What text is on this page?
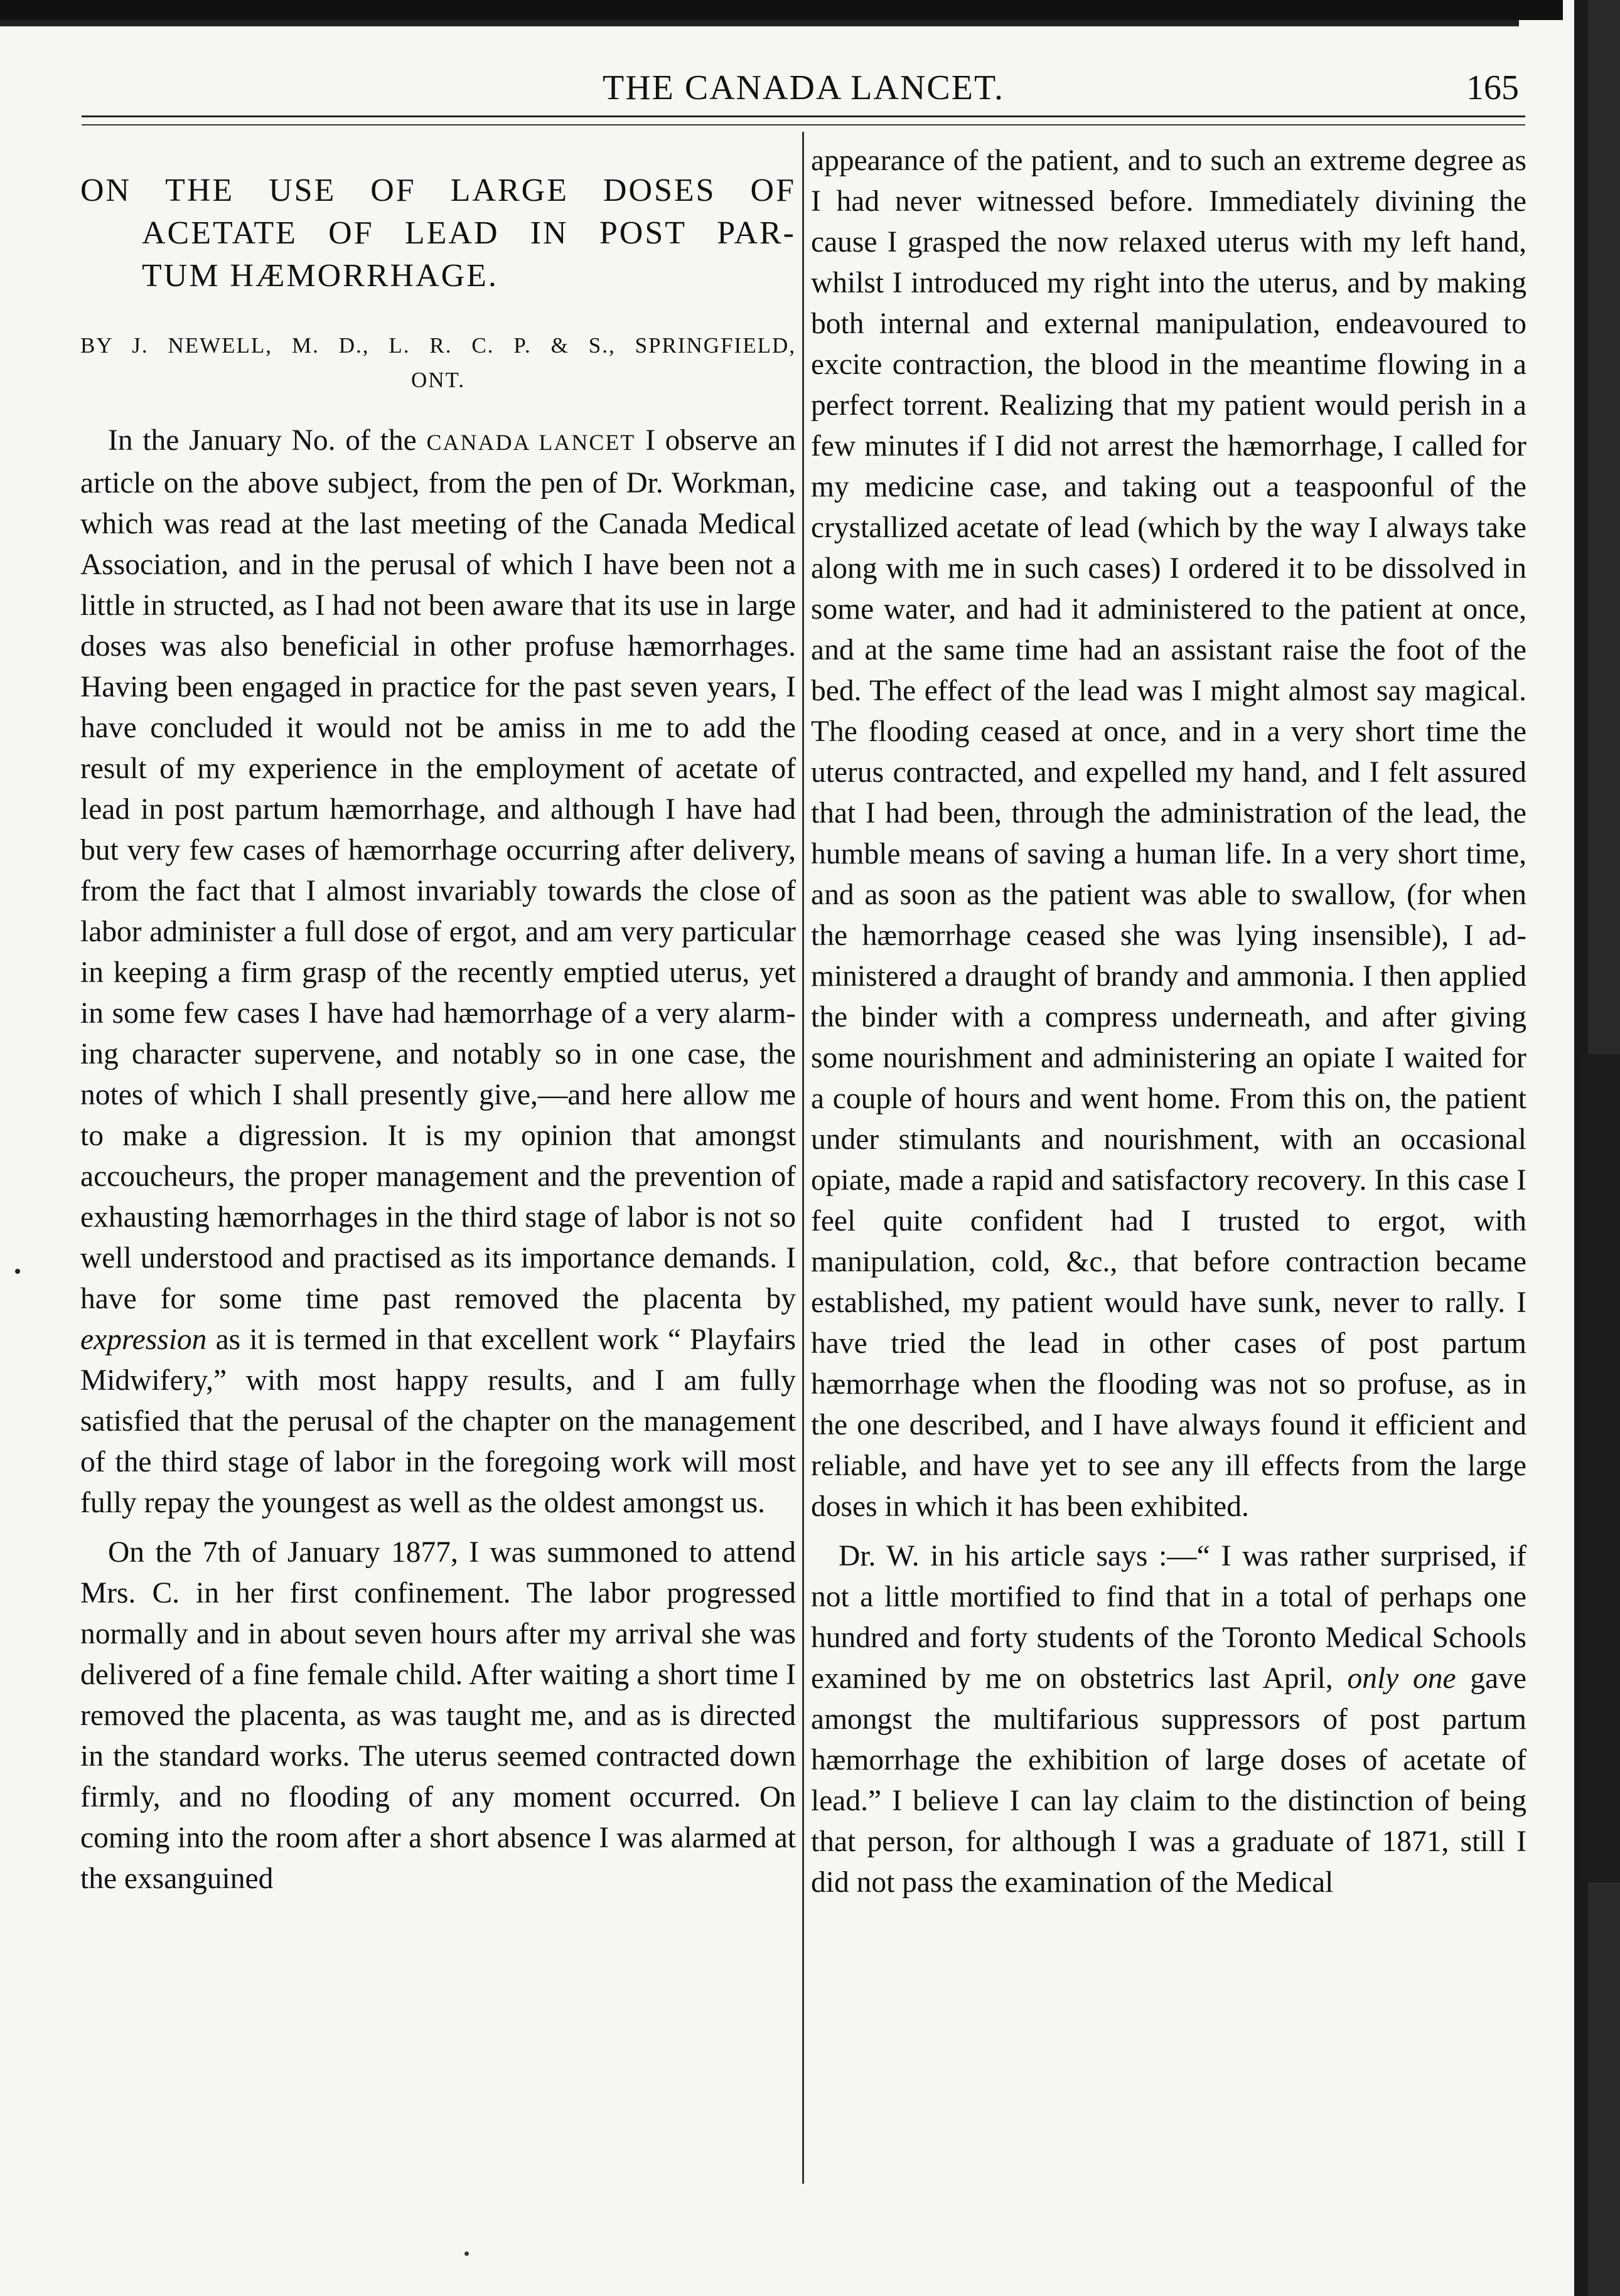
THE CANADA LANCET.	165
ON THE USE OF LARGE DOSES OF
ACETATE OF LEAD IN POST PAR-
TUM HÆMORRHAGE.
BY J. NEWELL, M. D., L. R. C. P. & S., SPRINGFIELD,
ONT.

In the January No. of the CANADA LANCET I observe an article on the above subject, from the pen of Dr. Workman, which was read at the last meeting of the Canada Medical Association, and in the perusal of which I have been not a little in structed, as I had not been aware that its use in large doses was also beneficial in other profuse hæmorrhages. Having been engaged in practice for the past seven years, I have concluded it would not be amiss in me to add the result of my experience in the employment of acetate of lead in post partum hæmorrhage, and although I have had but very few cases of hæmorrhage occurring after delivery, from the fact that I almost invariably towards the close of labor administer a full dose of ergot, and am very particular in keeping a firm grasp of the recently emptied uterus, yet in some few cases I have had hæmorrhage of a very alarming character supervene, and notably so in one case, the notes of which I shall presently give,—and here allow me to make a digression. It is my opinion that amongst accoucheurs, the proper management and the prevention of exhausting hæmorrhages in the third stage of labor is not so well understood and practised as its importance demands. I have for some time past removed the placenta by expression as it is termed in that excellent work “ Playfairs Midwifery,” with most happy results, and I am fully satisfied that the perusal of the chapter on the management of the third stage of labor in the foregoing work will most fully repay the youngest as well as the oldest amongst us.

On the 7th of January 1877, I was summoned to attend Mrs. C. in her first confinement. The labor progressed normally and in about seven hours after my arrival she was delivered of a fine female child. After waiting a short time I removed the placenta, as was taught me, and as is directed in the standard works. The uterus seemed contracted down firmly, and no flooding of any moment occurred. On coming into the room after a short absence I was alarmed at the exsanguined

appearance of the patient, and to such an extreme degree as I had never witnessed before. Immediately divining the cause I grasped the now relaxed uterus with my left hand, whilst I introduced my right into the uterus, and by making both internal and external manipulation, endeavoured to excite contraction, the blood in the meantime flowing in a perfect torrent. Realizing that my patient would perish in a few minutes if I did not arrest the hæmorrhage, I called for my medicine case, and taking out a teaspoonful of the crystallized acetate of lead (which by the way I always take along with me in such cases) I ordered it to be dissolved in some water, and had it administered to the patient at once, and at the same time had an assistant raise the foot of the bed. The effect of the lead was I might almost say magical. The flooding ceased at once, and in a very short time the uterus contracted, and expelled my hand, and I felt assured that I had been, through the administration of the lead, the humble means of saving a human life. In a very short time, and as soon as the patient was able to swallow, (for when the hæmorrhage ceased she was lying insensible), I administered a draught of brandy and ammonia. I then applied the binder with a compress underneath, and after giving some nourishment and administering an opiate I waited for a couple of hours and went home. From this on, the patient under stimulants and nourishment, with an occasional opiate, made a rapid and satisfactory recovery. In this case I feel quite confident had I trusted to ergot, with manipulation, cold, &c., that before contraction became established, my patient would have sunk, never to rally. I have tried the lead in other cases of post partum hæmorrhage when the flooding was not so profuse, as in the one described, and I have always found it efficient and reliable, and have yet to see any ill effects from the large doses in which it has been exhibited.

Dr. W. in his article says :—“ I was rather surprised, if not a little mortified to find that in a total of perhaps one hundred and forty students of the Toronto Medical Schools examined by me on obstetrics last April, only one gave amongst the multifarious suppressors of post partum hæmorrhage the exhibition of large doses of acetate of lead.” I believe I can lay claim to the distinction of being that person, for although I was a graduate of 1871, still I did not pass the examination of the Medical
